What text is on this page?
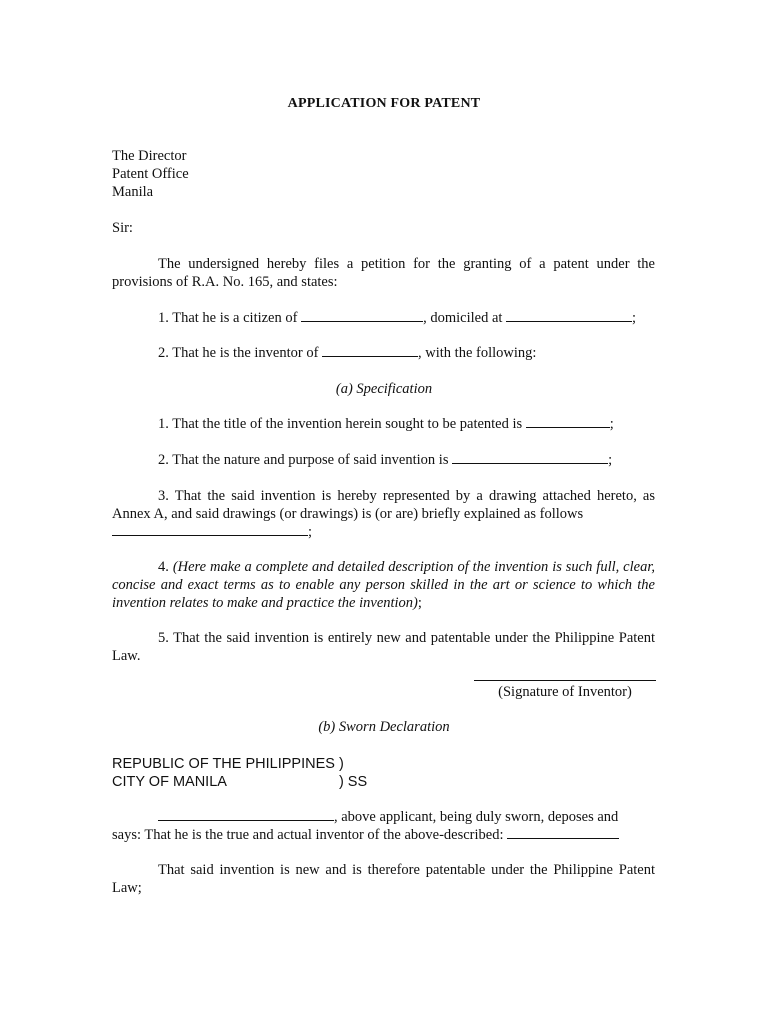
APPLICATION FOR PATENT
The Director
Patent Office
Manila
Sir:
The undersigned hereby files a petition for the granting of a patent under the provisions of R.A. No. 165, and states:
1. That he is a citizen of	, domiciled at	;
2. That he is the inventor of	, with the following:
(a) Specification
1. That the title of the invention herein sought to be patented is	;
2. That the nature and purpose of said invention is	;
3. That the said invention is hereby represented by a drawing attached hereto, as Annex A, and said drawings (or drawings) is (or are) briefly explained as follows
;
4. (Here make a complete and detailed description of the invention is such full, clear, concise and exact terms as to enable any person skilled in the art or science to which the invention relates to make and practice the invention);
5. That the said invention is entirely new and patentable under the Philippine Patent Law.
(Signature of Inventor)
(b) Sworn Declaration
REPUBLIC OF THE PHILIPPINES )
CITY OF MANILA	) SS
, above applicant, being duly sworn, deposes and
says: That he is the true and actual inventor of the above-described:
That said invention is new and is therefore patentable under the Philippine Patent Law;
